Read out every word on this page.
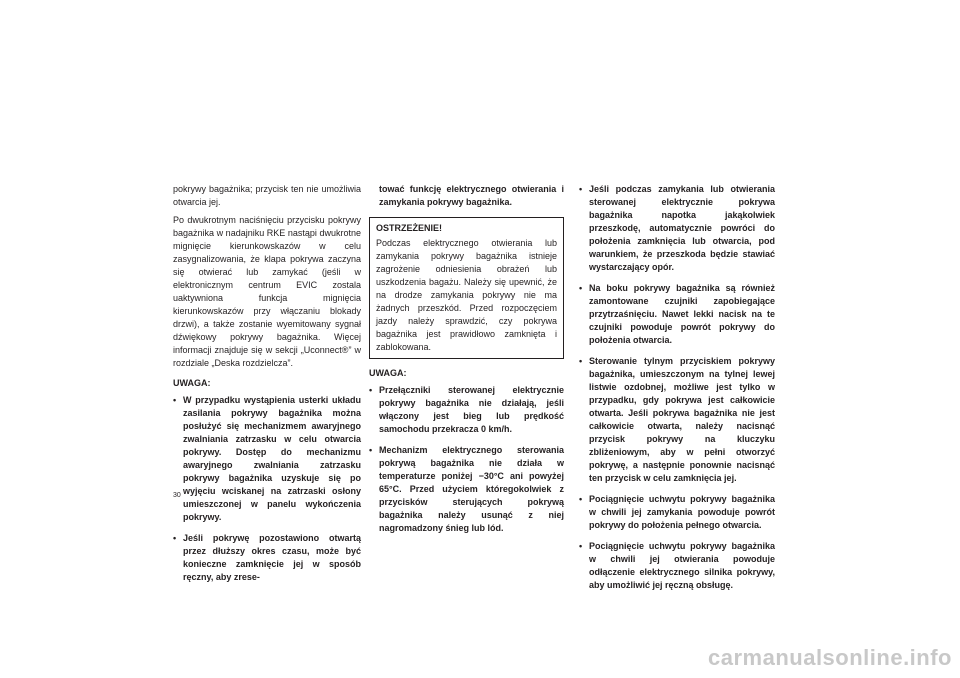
pokrywy bagażnika; przycisk ten nie umożliwia otwarcia jej.

Po dwukrotnym naciśnięciu przycisku pokrywy bagażnika w nadajniku RKE nastąpi dwukrotne mignięcie kierunkowskazów w celu zasygnalizowania, że klapa pokrywa zaczyna się otwierać lub zamykać (jeśli w elektronicznym centrum EVIC zostala uaktywniona funkcja mignięcia kierunkowskazów przy włączaniu blokady drzwi), a także zostanie wyemitowany sygnał dźwiękowy pokrywy bagażnika. Więcej informacji znajduje się w sekcji „Uconnect®” w rozdziale „Deska rozdzielcza”.

UWAGA:

• W przypadku wystąpienia usterki układu zasilania pokrywy bagażnika można posłużyć się mechanizmem awaryjnego zwalniania zatrzasku w celu otwarcia pokrywy. Dostęp do mechanizmu awaryjnego zwalniania zatrzasku pokrywy bagażnika uzyskuje się po wyjęciu wciskanej na zatrzaski osłony umieszczonej w panelu wykończenia pokrywy.
• Jeśli pokrywę pozostawiono otwartą przez dłuższy okres czasu, może być konieczne zamknięcie jej w sposób ręczny, aby zrese-

tować funkcję elektrycznego otwierania i zamykania pokrywy bagażnika.

OSTRZEŻENIE!
Podczas elektrycznego otwierania lub zamykania pokrywy bagażnika istnieje zagrożenie odniesienia obrażeń lub uszkodzenia bagażu. Należy się upewnić, że na drodze zamykania pokrywy nie ma żadnych przeszkód. Przed rozpoczęciem jazdy należy sprawdzić, czy pokrywa bagażnika jest prawidłowo zamknięta i zablokowana.

UWAGA:

• Przełączniki sterowanej elektrycznie pokrywy bagażnika nie działają, jeśli włączony jest bieg lub prędkość samochodu przekracza 0 km/h.
• Mechanizm elektrycznego sterowania pokrywą bagażnika nie działa w temperaturze poniżej −30°C ani powyżej 65°C. Przed użyciem któregokolwiek z przycisków sterujących pokrywą bagażnika należy usunąć z niej nagromadzony śnieg lub lód.
• Jeśli podczas zamykania lub otwierania sterowanej elektrycznie pokrywa bagażnika napotka jakąkolwiek przeszkodę, automatycznie powróci do położenia zamknięcia lub otwarcia, pod warunkiem, że przeszkoda będzie stawiać wystarczający opór.
• Na boku pokrywy bagażnika są również zamontowane czujniki zapobiegające przytrzaśnięciu. Nawet lekki nacisk na te czujniki powoduje powrót pokrywy do położenia otwarcia.
• Sterowanie tylnym przyciskiem pokrywy bagażnika, umieszczonym na tylnej lewej listwie ozdobnej, możliwe jest tylko w przypadku, gdy pokrywa jest całkowicie otwarta. Jeśli pokrywa bagażnika nie jest całkowicie otwarta, należy nacisnąć przycisk pokrywy na kluczyku zbliżeniowym, aby w pełni otworzyć pokrywę, a następnie ponownie nacisnąć ten przycisk w celu zamknięcia jej.
• Pociągnięcie uchwytu pokrywy bagażnika w chwili jej zamykania powoduje powrót pokrywy do położenia pełnego otwarcia.
• Pociągnięcie uchwytu pokrywy bagażnika w chwili jej otwierania powoduje odłączenie elektrycznego silnika pokrywy, aby umożliwić jej ręczną obsługę.
30
carmanualsonline.info
